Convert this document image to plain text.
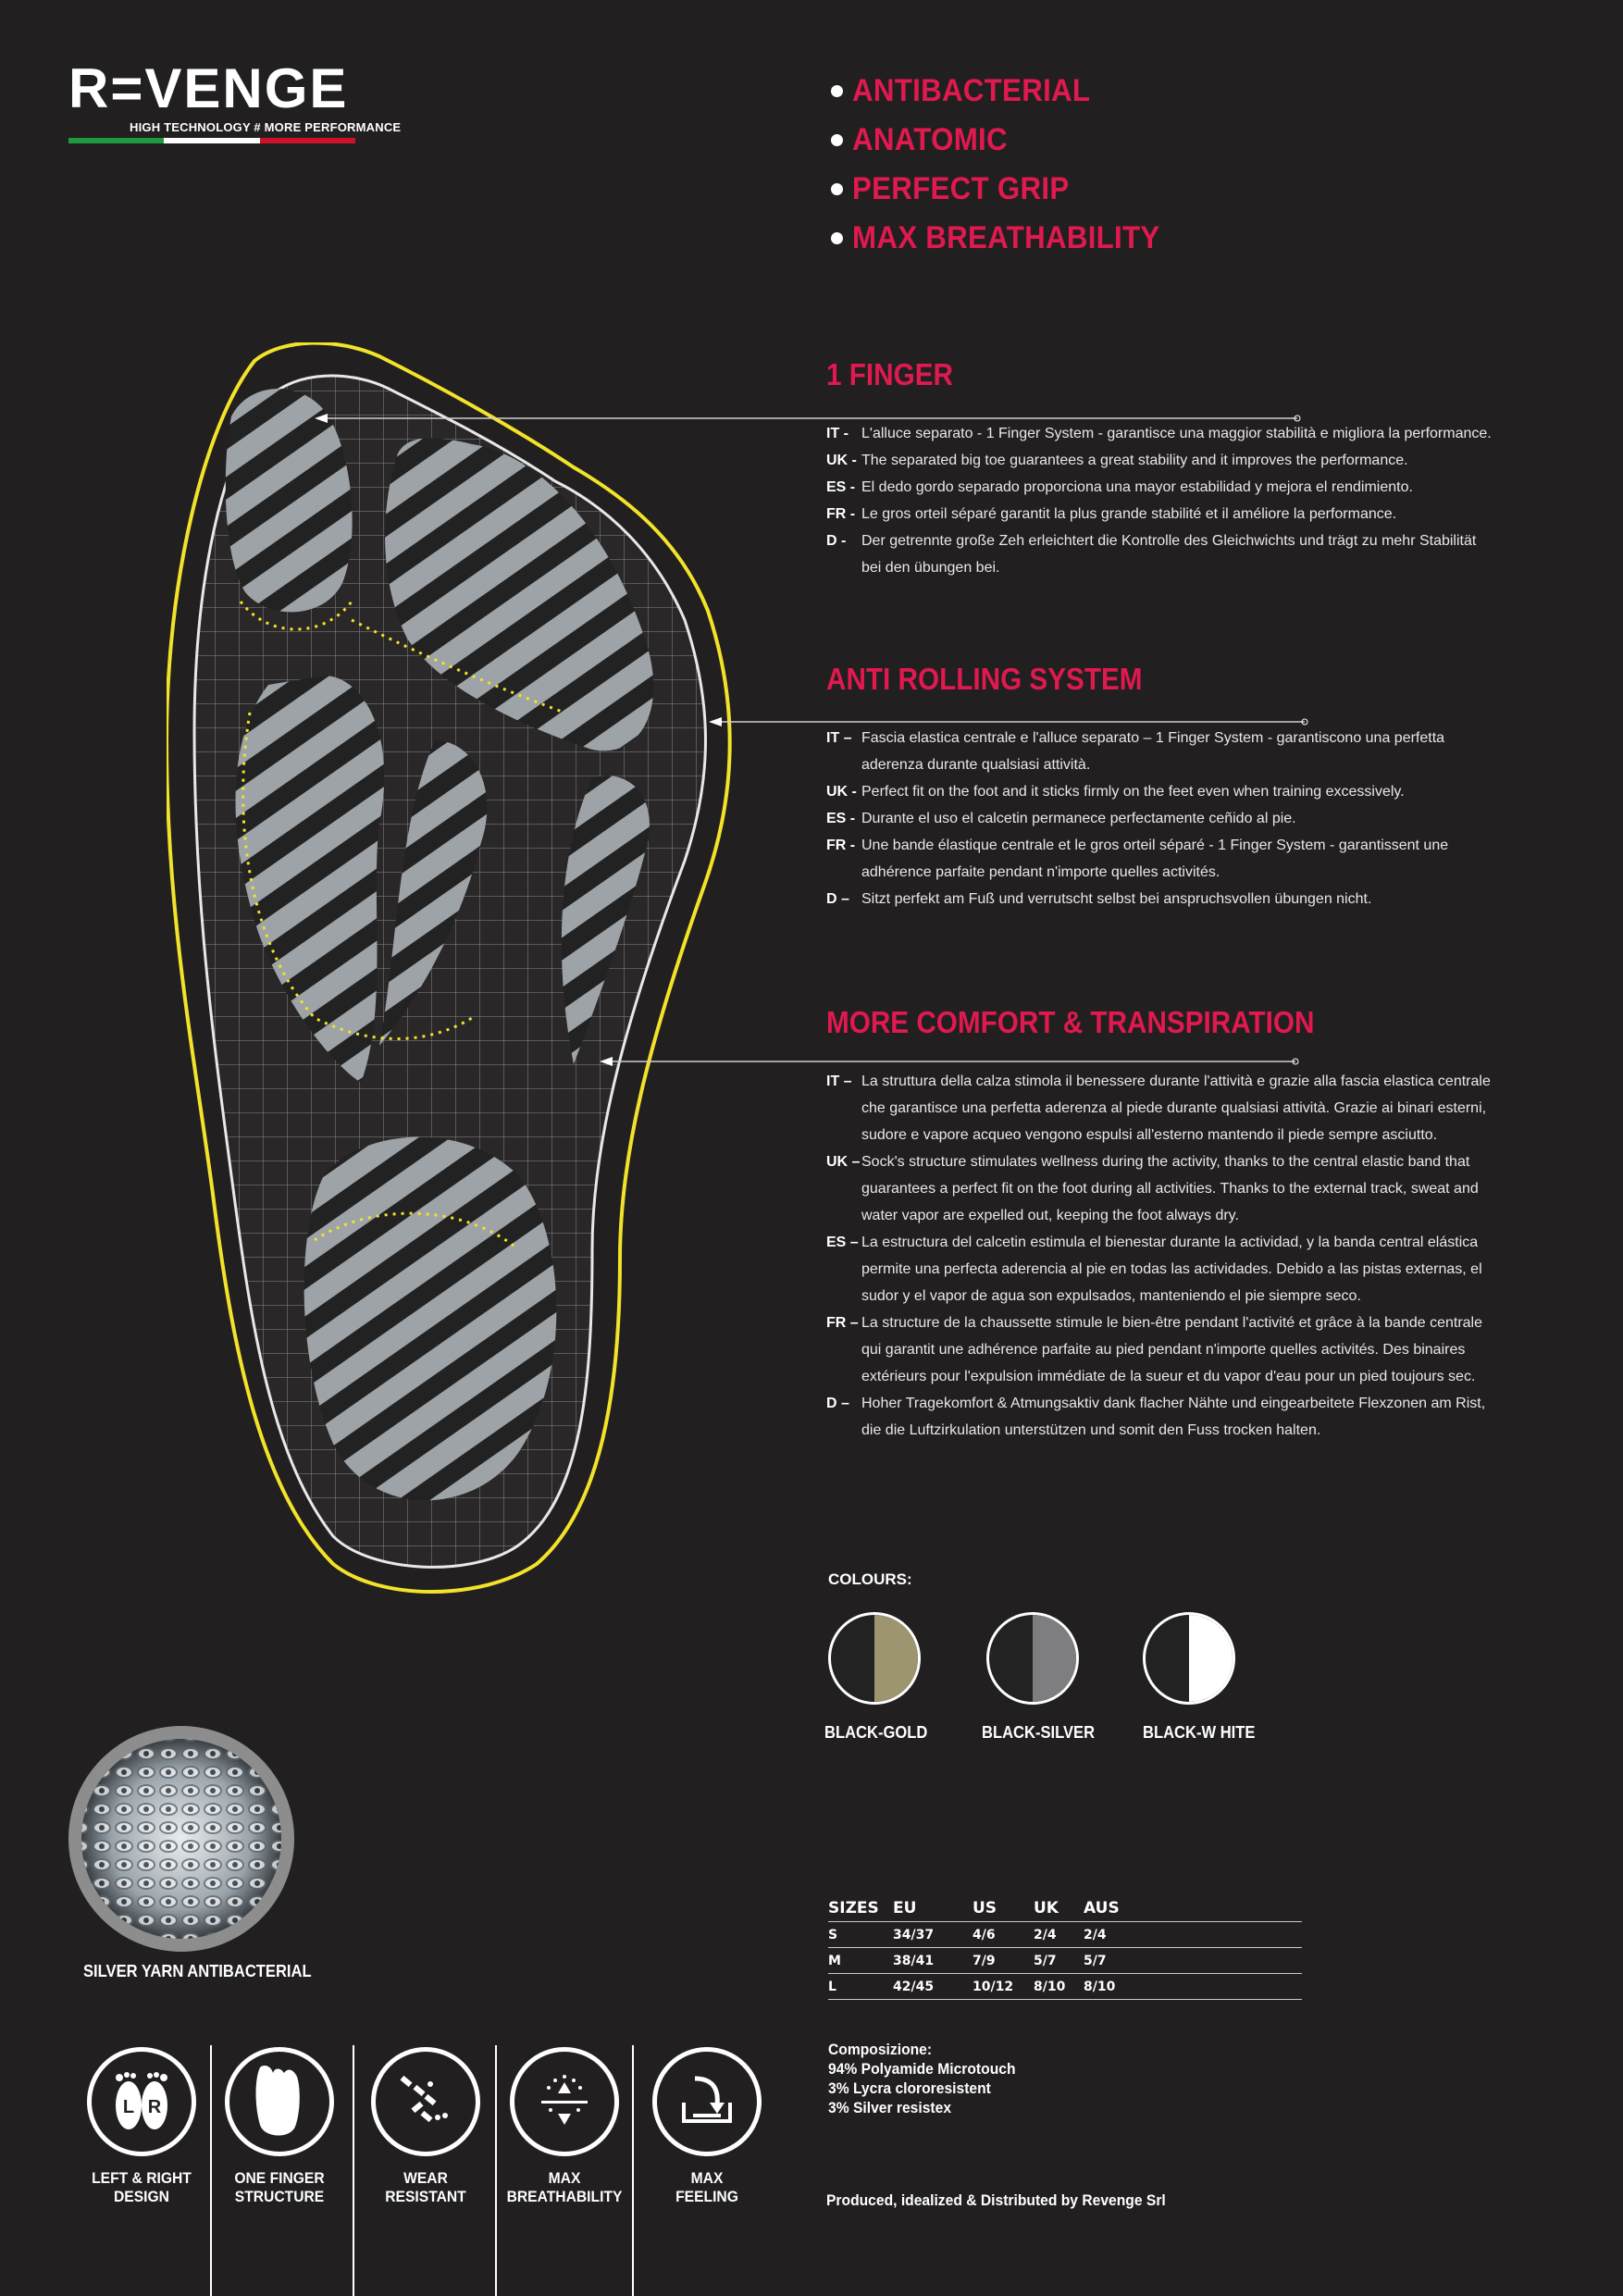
R=VENGE
HIGH TECHNOLOGY # MORE PERFORMANCE
ANTIBACTERIAL
ANATOMIC
PERFECT GRIP
MAX BREATHABILITY
1 FINGER
IT - L'alluce separato - 1 Finger System - garantisce una maggior stabilità e migliora la performance.
UK - The separated big toe guarantees a great stability and it improves the performance.
ES - El dedo gordo separado proporciona una mayor estabilidad y mejora el rendimiento.
FR - Le gros orteil séparé garantit la plus grande stabilité et il améliore la performance.
D -	Der getrennte große Zeh erleichtert die Kontrolle des Gleichwichts und trägt zu mehr Stabilität bei den übungen bei.
ANTI ROLLING SYSTEM
IT – Fascia elastica centrale e l'alluce separato – 1 Finger System - garantiscono una perfetta aderenza durante qualsiasi attività.
UK - Perfect fit on the foot and it sticks firmly on the feet even when training excessively.
ES - Durante el uso el calcetin permanece perfectamente ceñido al pie.
FR - Une bande élastique centrale et le gros orteil séparé - 1 Finger System - garantissent une adhérence parfaite pendant n'importe quelles activités.
D – Sitzt perfekt am Fuß und verrutscht selbst bei anspruchsvollen übungen nicht.
MORE COMFORT & TRANSPIRATION
IT – La struttura della calza stimola il benessere durante l'attività e grazie alla fascia elastica centrale che garantisce una perfetta aderenza al piede durante qualsiasi attività. Grazie ai binari esterni, sudore e vapore acqueo vengono espulsi all'esterno mantendo il piede sempre asciutto.
UK – Sock's structure stimulates wellness during the activity, thanks to the central elastic band that guarantees a perfect fit on the foot during all activities. Thanks to the external track, sweat and water vapor are expelled out, keeping the foot always dry.
ES – La estructura del calcetin estimula el bienestar durante la actividad, y la banda central elástica permite una perfecta aderencia al pie en todas las actividades. Debido a las pistas externas, el sudor y el vapor de agua son expulsados, manteniendo el pie siempre seco.
FR – La structure de la chaussette stimule le bien-être pendant l'activité et grâce à la bande centrale qui garantit une adhérence parfaite au pied pendant n'importe quelles activités. Des binaires extérieurs pour l'expulsion immédiate de la sueur et du vapor d'eau pour un pied toujours sec.
D – Hoher Tragekomfort & Atmungsaktiv dank flacher Nähte und eingearbeitete Flexzonen am Rist, die die Luftzirkulation unterstützen und somit den Fuss trocken halten.
COLOURS:
BLACK-GOLD	BLACK-SILVER	BLACK-W HITE
SILVER YARN ANTIBACTERIAL
SIZES	EU	US	UK	AUS
S	34/37	4/6	2/4	2/4
M	38/41	7/9	5/7	5/7
L	42/45	10/12	8/10	8/10
Composizione:
94% Polyamide Microtouch
3% Lycra clororesistent
3% Silver resistex
Produced, idealized & Distributed by Revenge Srl
L R
LEFT & RIGHT
DESIGN
ONE FINGER
STRUCTURE
WEAR
RESISTANT
MAX
BREATHABILITY
MAX
FEELING
